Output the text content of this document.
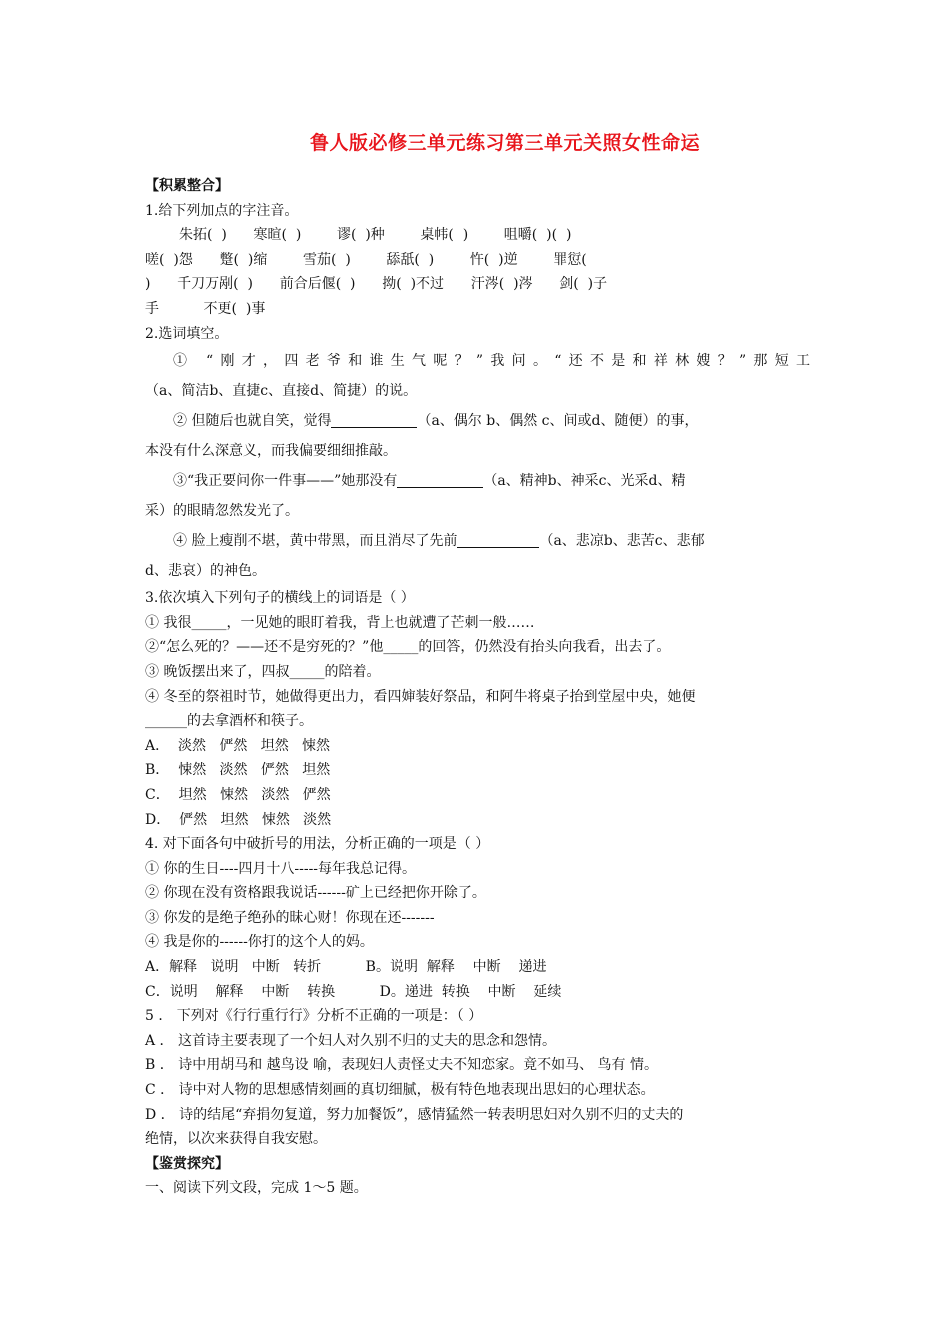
鲁人版必修三单元练习第三单元关照女性命运
【积累整合】
1.给下列加点的字注音。
朱拓(  )      寒暄(  )        谬(  )种        桌帏(  )        咀嚼(  )(  )
嗟(  )怨      蹩(  )缩        雪茄(  )        舔舐(  )        忤(  )逆        罪愆(
)      千刀万剐(  )      前合后偃(  )      拗(  )不过      汗涔(  )涔      剑(  )子
手          不更(  )事
2.选词填空。
① “刚才，四老爷和谁生气呢？”我问。“还不是和祥林嫂？”那短工
（a、简洁b、直捷c、直接d、简捷）的说。
② 但随后也就自笑，觉得	（a、偶尔 b、偶然 c、间或d、随便）的事，
本没有什么深意义，而我偏要细细推敲。
③“我正要问你一件事——”她那没有	（a、精神b、神采c、光采d、精
采）的眼睛忽然发光了。
④ 脸上瘦削不堪，黄中带黑，而且消尽了先前	（a、悲凉b、悲苦c、悲郁
d、悲哀）的神色。
3.依次填入下列句子的横线上的词语是（ ）
① 我很_____，一见她的眼盯着我，背上也就遭了芒刺一般……
②“怎么死的？——还不是穷死的？”他_____的回答，仍然没有抬头向我看，出去了。
③ 晚饭摆出来了，四叔_____的陪着。
④ 冬至的祭祖时节，她做得更出力，看四婶装好祭品，和阿牛将桌子抬到堂屋中央，她便
______的去拿酒杯和筷子。
A．  淡然   俨然   坦然   悚然
B．  悚然   淡然   俨然   坦然
C．  坦然   悚然   淡然   俨然
D．  俨然   坦然   悚然   淡然
4. 对下面各句中破折号的用法，分析正确的一项是（ ）
① 你的生日----四月十八-----每年我总记得。
② 你现在没有资格跟我说话------矿上已经把你开除了。
③ 你发的是绝子绝孙的昧心财！你现在还-------
④ 我是你的------你打的这个人的妈。
A．解释   说明   中断   转折          B。说明  解释    中断    递进
C．说明    解释    中断    转换          D。递进  转换    中断    延续
5 ． 下列对《行行重行行》分析不正确的一项是：（ ）
A ． 这首诗主要表现了一个妇人对久别不归的丈夫的思念和怨情。
B ． 诗中用胡马和 越鸟设 喻，表现妇人责怪丈夫不知恋家。竟不如马、 鸟有 情。
C ． 诗中对人物的思想感情刻画的真切细腻，极有特色地表现出思妇的心理状态。
D ． 诗的结尾“弃捐勿复道，努力加餐饭”，感情猛然一转表明思妇对久别不归的丈夫的
绝情，以次来获得自我安慰。
【鉴赏探究】
一、阅读下列文段，完成 1～5 题。
